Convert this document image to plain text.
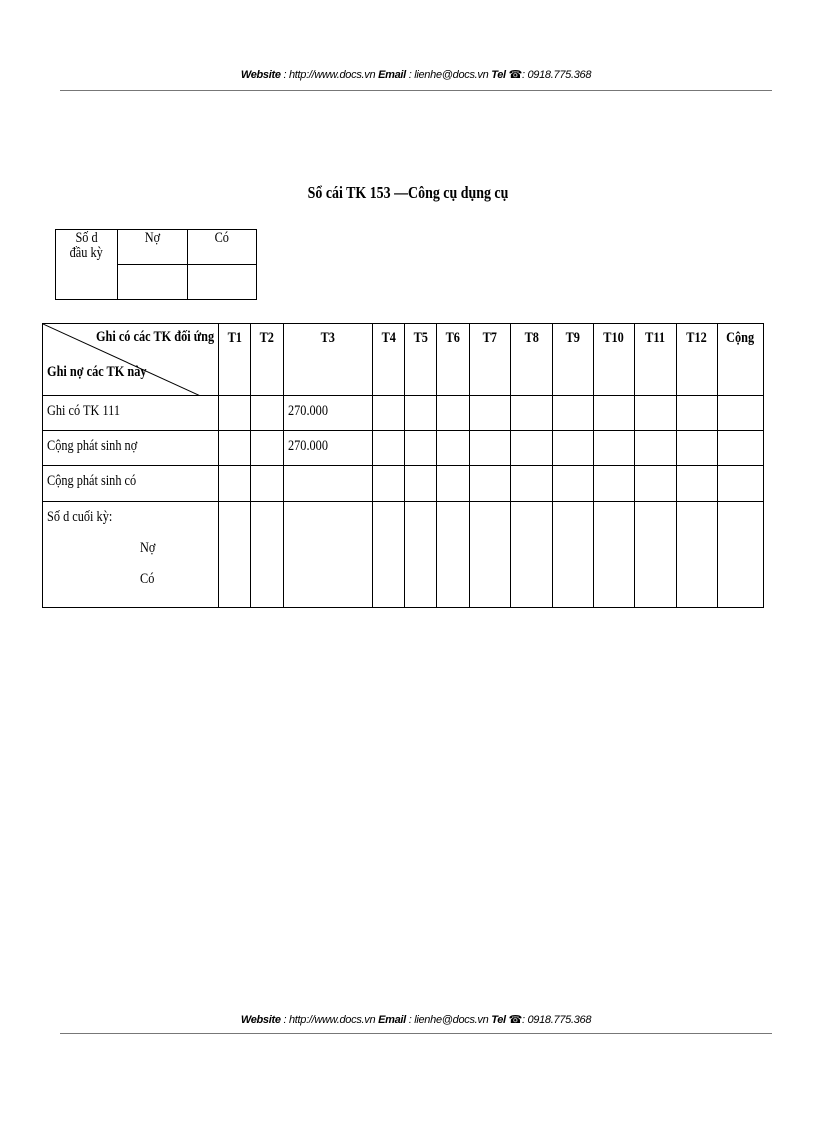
Website : http://www.docs.vn Email : lienhe@docs.vn Tel ☎: 0918.775.368
Sổ cái TK 153 —Công cụ dụng cụ
Số d
đầu kỳ	Nợ	Có

Ghi có các TK đối ứng
Ghi nợ các TK này	T1	T2	T3	T4	T5	T6	T7	T8	T9	T10	T11	T12	Cộng

Ghi có TK 111			270.000										

Cộng phát sinh nợ			270.000										

Cộng phát sinh có													

Số d cuối kỳ:
Nợ
Có													

Website : http://www.docs.vn Email : lienhe@docs.vn Tel ☎: 0918.775.368
